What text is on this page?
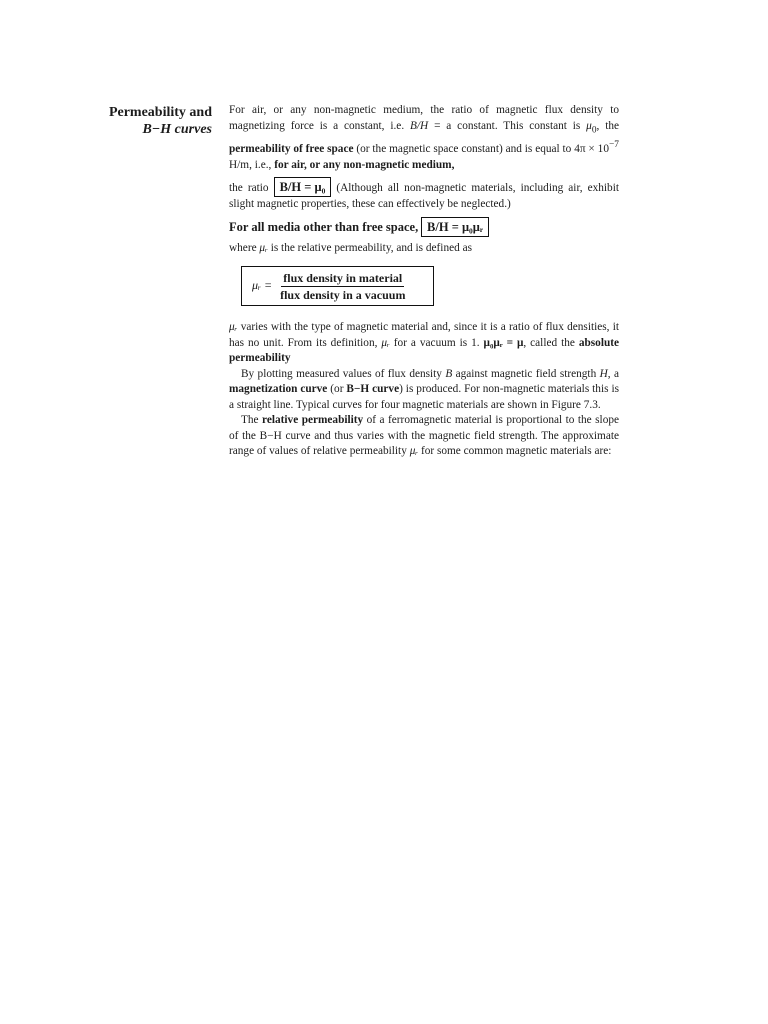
Permeability and
B−H curves

For air, or any non-magnetic medium, the ratio of magnetic flux density to magnetizing force is a constant, i.e. B/H = a constant. This constant is $\mu_0$, the permeability of free space (or the magnetic space constant) and is equal to $4\pi \times 10^{-7}$ H/m, i.e., for air, or any non-magnetic medium,

the ratio B/H = μ₀ (Although all non-magnetic materials, including air, exhibit slight magnetic properties, these can effectively be neglected.)

For all media other than free space, B/H = μ₀μᵣ

where μᵣ is the relative permeability, and is defined as

μᵣ = $\frac{\text{flux density in material}}{\text{flux density in a vacuum}}$

μᵣ varies with the type of magnetic material and, since it is a ratio of flux densities, it has no unit. From its definition, μᵣ for a vacuum is 1. μ₀μᵣ = μ, called the absolute permeability

By plotting measured values of flux density B against magnetic field strength H, a magnetization curve (or B−H curve) is produced. For non-magnetic materials this is a straight line. Typical curves for four magnetic materials are shown in Figure 7.3.

The relative permeability of a ferromagnetic material is proportional to the slope of the B−H curve and thus varies with the magnetic field strength. The approximate range of values of relative permeability μᵣ for some common magnetic materials are:
